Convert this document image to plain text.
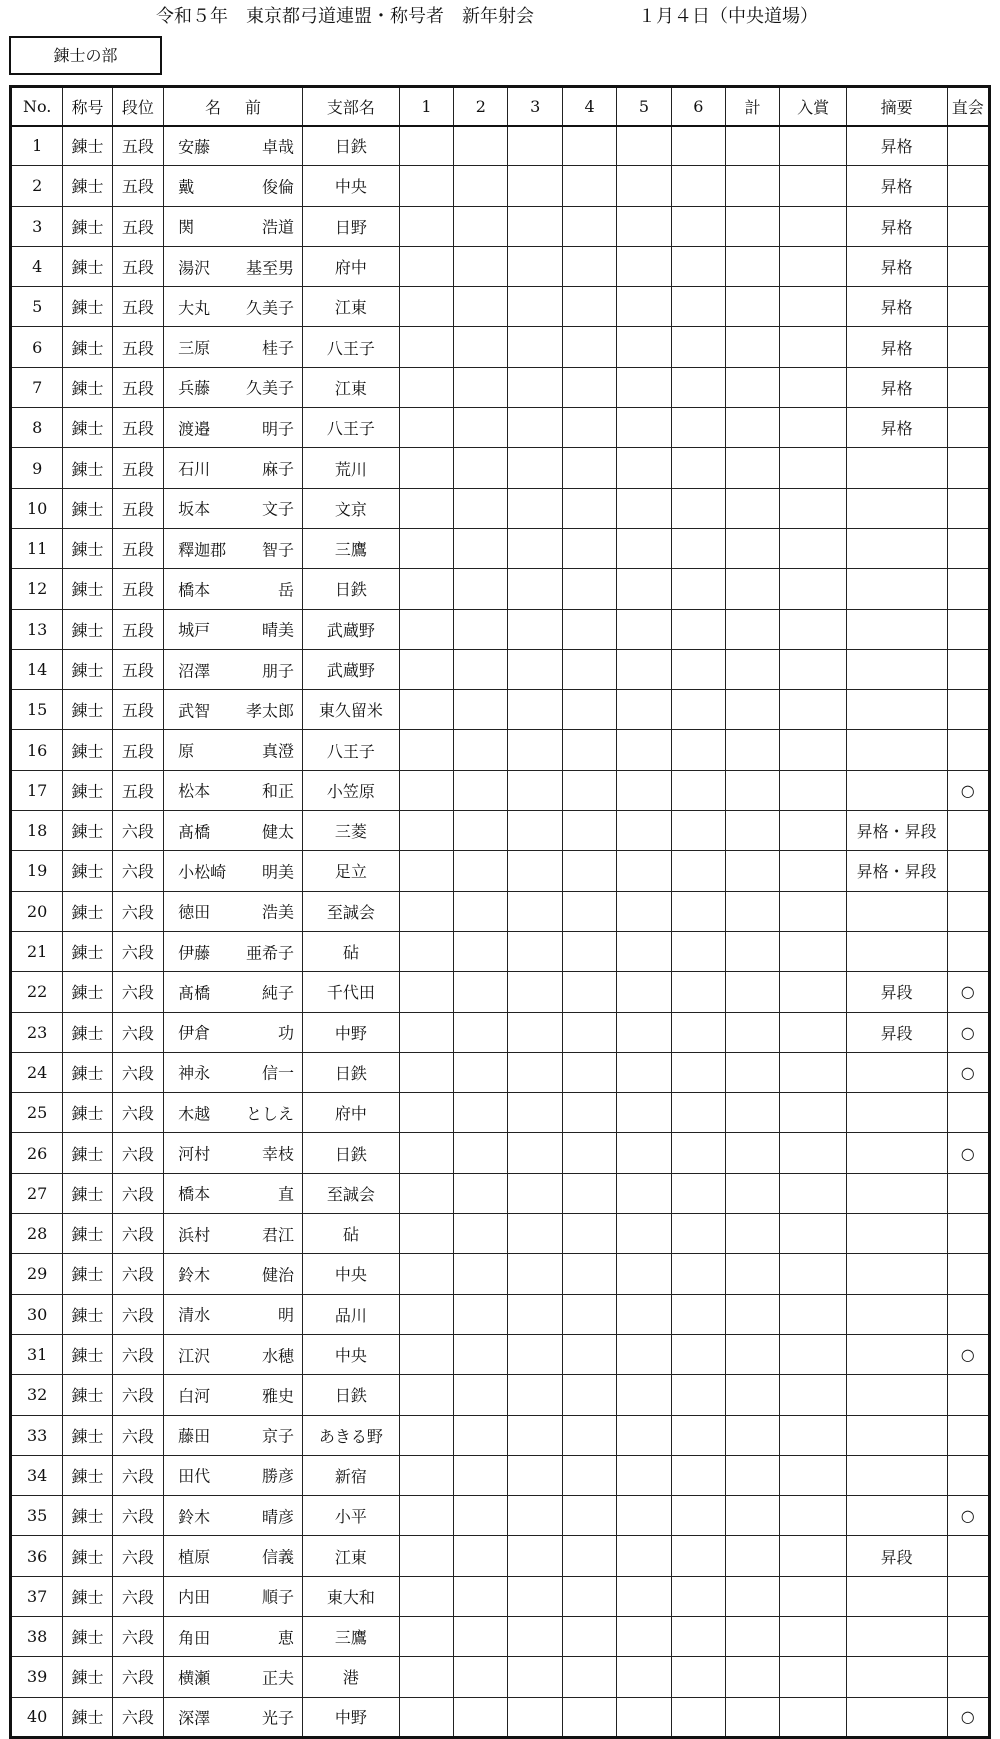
令和５年　東京都弓道連盟・称号者　新年射会	１月４日（中央道場）
錬士の部
No.	称号	段位	名前	支部名	1	2	3	4	5	6	計	入賞	摘要	直会
1	錬士	五段	安藤 卓哉	日鉄									昇格	
2	錬士	五段	戴 俊倫	中央									昇格	
3	錬士	五段	関 浩道	日野									昇格	
4	錬士	五段	湯沢 基至男	府中									昇格	
5	錬士	五段	大丸 久美子	江東									昇格	
6	錬士	五段	三原 桂子	八王子									昇格	
7	錬士	五段	兵藤 久美子	江東									昇格	
8	錬士	五段	渡邉 明子	八王子									昇格	
9	錬士	五段	石川 麻子	荒川										
10	錬士	五段	坂本 文子	文京										
11	錬士	五段	釋迦郡 智子	三鷹										
12	錬士	五段	橋本 岳	日鉄										
13	錬士	五段	城戸 晴美	武蔵野										
14	錬士	五段	沼澤 朋子	武蔵野										
15	錬士	五段	武智 孝太郎	東久留米										
16	錬士	五段	原 真澄	八王子										
17	錬士	五段	松本 和正	小笠原										○
18	錬士	六段	髙橋 健太	三菱									昇格・昇段	
19	錬士	六段	小松崎 明美	足立									昇格・昇段	
20	錬士	六段	徳田 浩美	至誠会										
21	錬士	六段	伊藤 亜希子	砧										
22	錬士	六段	髙橋 純子	千代田									昇段	○
23	錬士	六段	伊倉 功	中野									昇段	○
24	錬士	六段	神永 信一	日鉄										○
25	錬士	六段	木越 としえ	府中										
26	錬士	六段	河村 幸枝	日鉄										○
27	錬士	六段	橋本 直	至誠会										
28	錬士	六段	浜村 君江	砧										
29	錬士	六段	鈴木 健治	中央										
30	錬士	六段	清水 明	品川										
31	錬士	六段	江沢 水穂	中央										○
32	錬士	六段	白河 雅史	日鉄										
33	錬士	六段	藤田 京子	あきる野										
34	錬士	六段	田代 勝彦	新宿										
35	錬士	六段	鈴木 晴彦	小平										○
36	錬士	六段	植原 信義	江東									昇段	
37	錬士	六段	内田 順子	東大和										
38	錬士	六段	角田 恵	三鷹										
39	錬士	六段	横瀬 正夫	港										
40	錬士	六段	深澤 光子	中野										○
